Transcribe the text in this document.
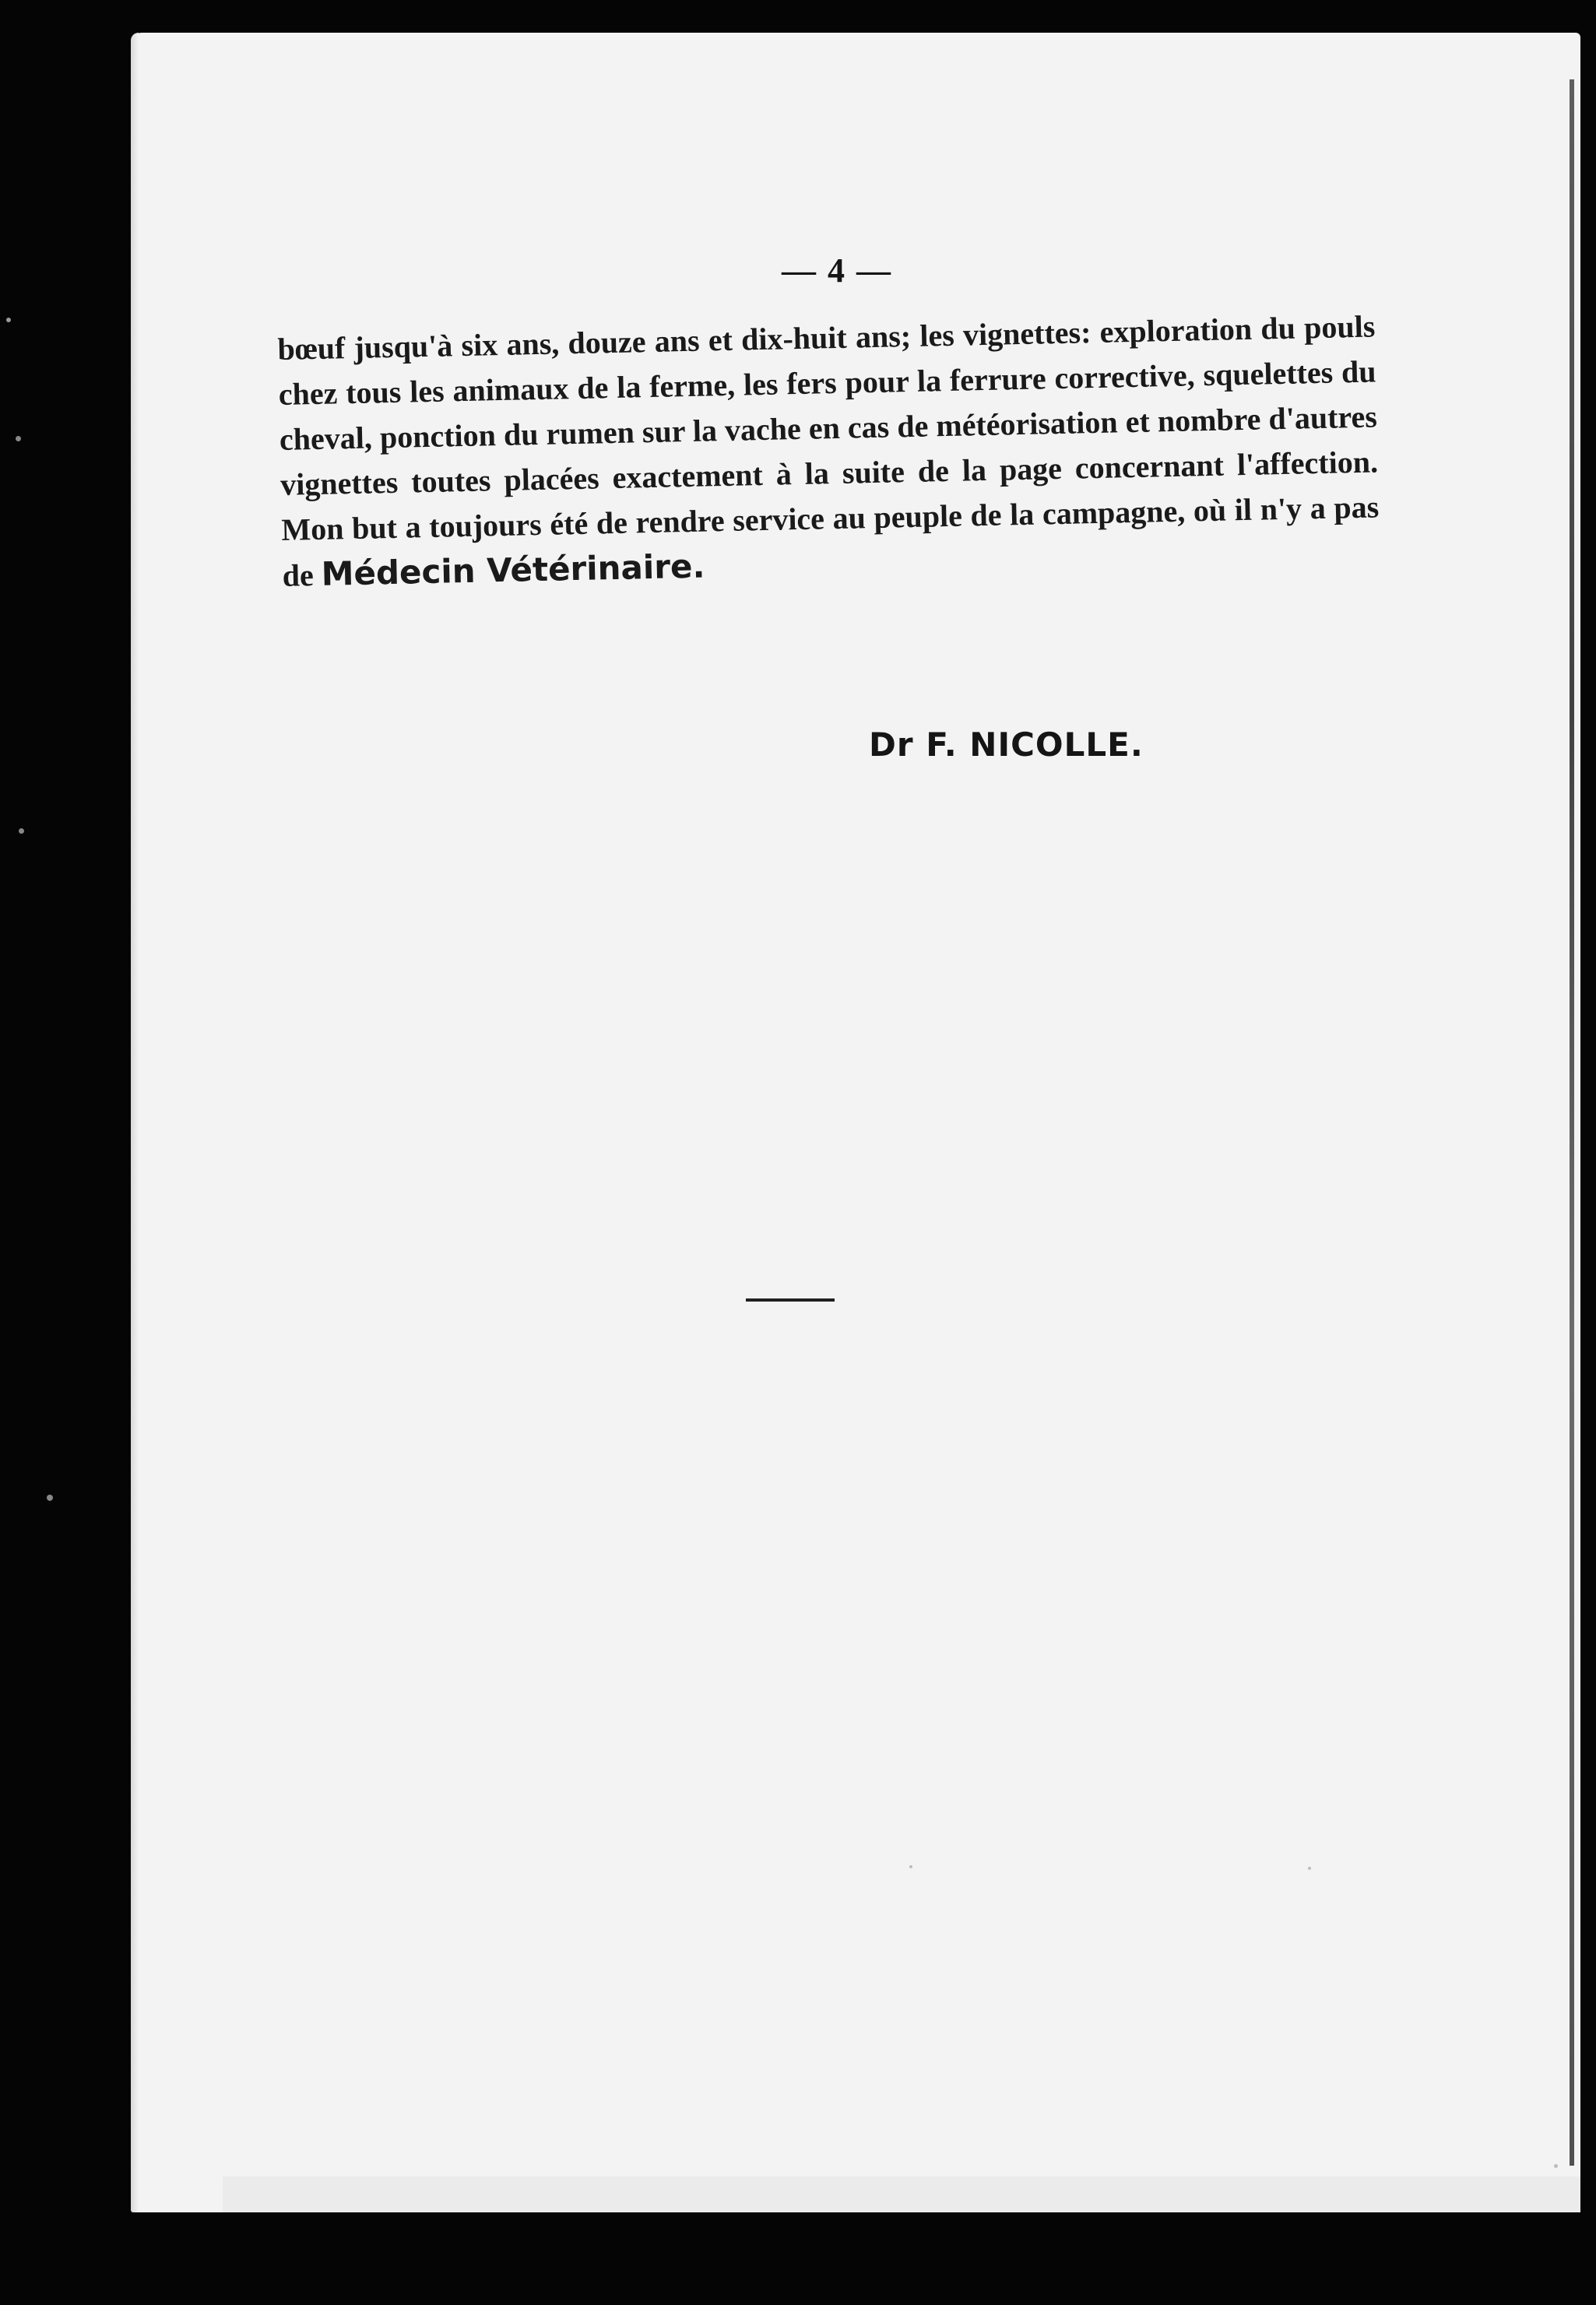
— 4 —

bœuf jusqu'à six ans, douze ans et dix-huit ans; les vignettes: exploration du pouls chez tous les animaux de la ferme, les fers pour la ferrure corrective, squelettes du cheval, ponction du rumen sur la vache en cas de météorisation et nombre d'autres vignettes toutes placées exactement à la suite de la page concernant l'affection. Mon but a toujours été de rendre service au peuple de la campagne, où il n'y a pas de Médecin Vétérinaire.

Dr F. NICOLLE.
